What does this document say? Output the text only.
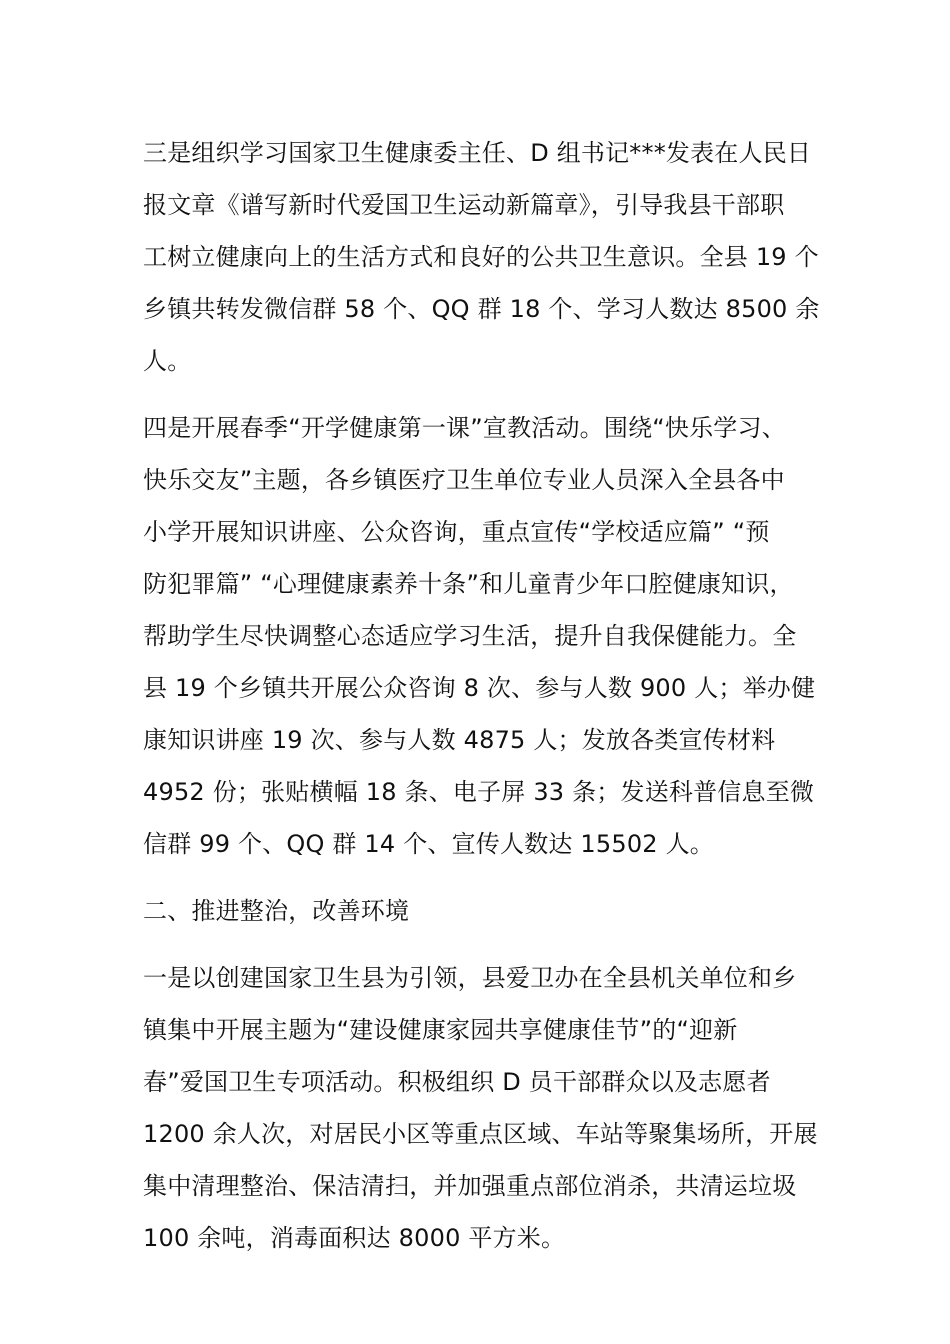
三是组织学习国家卫生健康委主任、D 组书记***发表在人民日
报文章《谱写新时代爱国卫生运动新篇章》，引导我县干部职
工树立健康向上的生活方式和良好的公共卫生意识。全县 19 个
乡镇共转发微信群 58 个、QQ 群 18 个、学习人数达 8500 余
人。
四是开展春季“开学健康第一课”宣教活动。围绕“快乐学习、
快乐交友”主题，各乡镇医疗卫生单位专业人员深入全县各中
小学开展知识讲座、公众咨询，重点宣传“学校适应篇” “预
防犯罪篇” “心理健康素养十条”和儿童青少年口腔健康知识，
帮助学生尽快调整心态适应学习生活，提升自我保健能力。全
县 19 个乡镇共开展公众咨询 8 次、参与人数 900 人；举办健
康知识讲座 19 次、参与人数 4875 人；发放各类宣传材料
4952 份；张贴横幅 18 条、电子屏 33 条；发送科普信息至微
信群 99 个、QQ 群 14 个、宣传人数达 15502 人。
二、推进整治，改善环境
一是以创建国家卫生县为引领，县爱卫办在全县机关单位和乡
镇集中开展主题为“建设健康家园共享健康佳节”的“迎新
春”爱国卫生专项活动。积极组织 D 员干部群众以及志愿者
1200 余人次，对居民小区等重点区域、车站等聚集场所，开展
集中清理整治、保洁清扫，并加强重点部位消杀，共清运垃圾
100 余吨，消毒面积达 8000 平方米。
